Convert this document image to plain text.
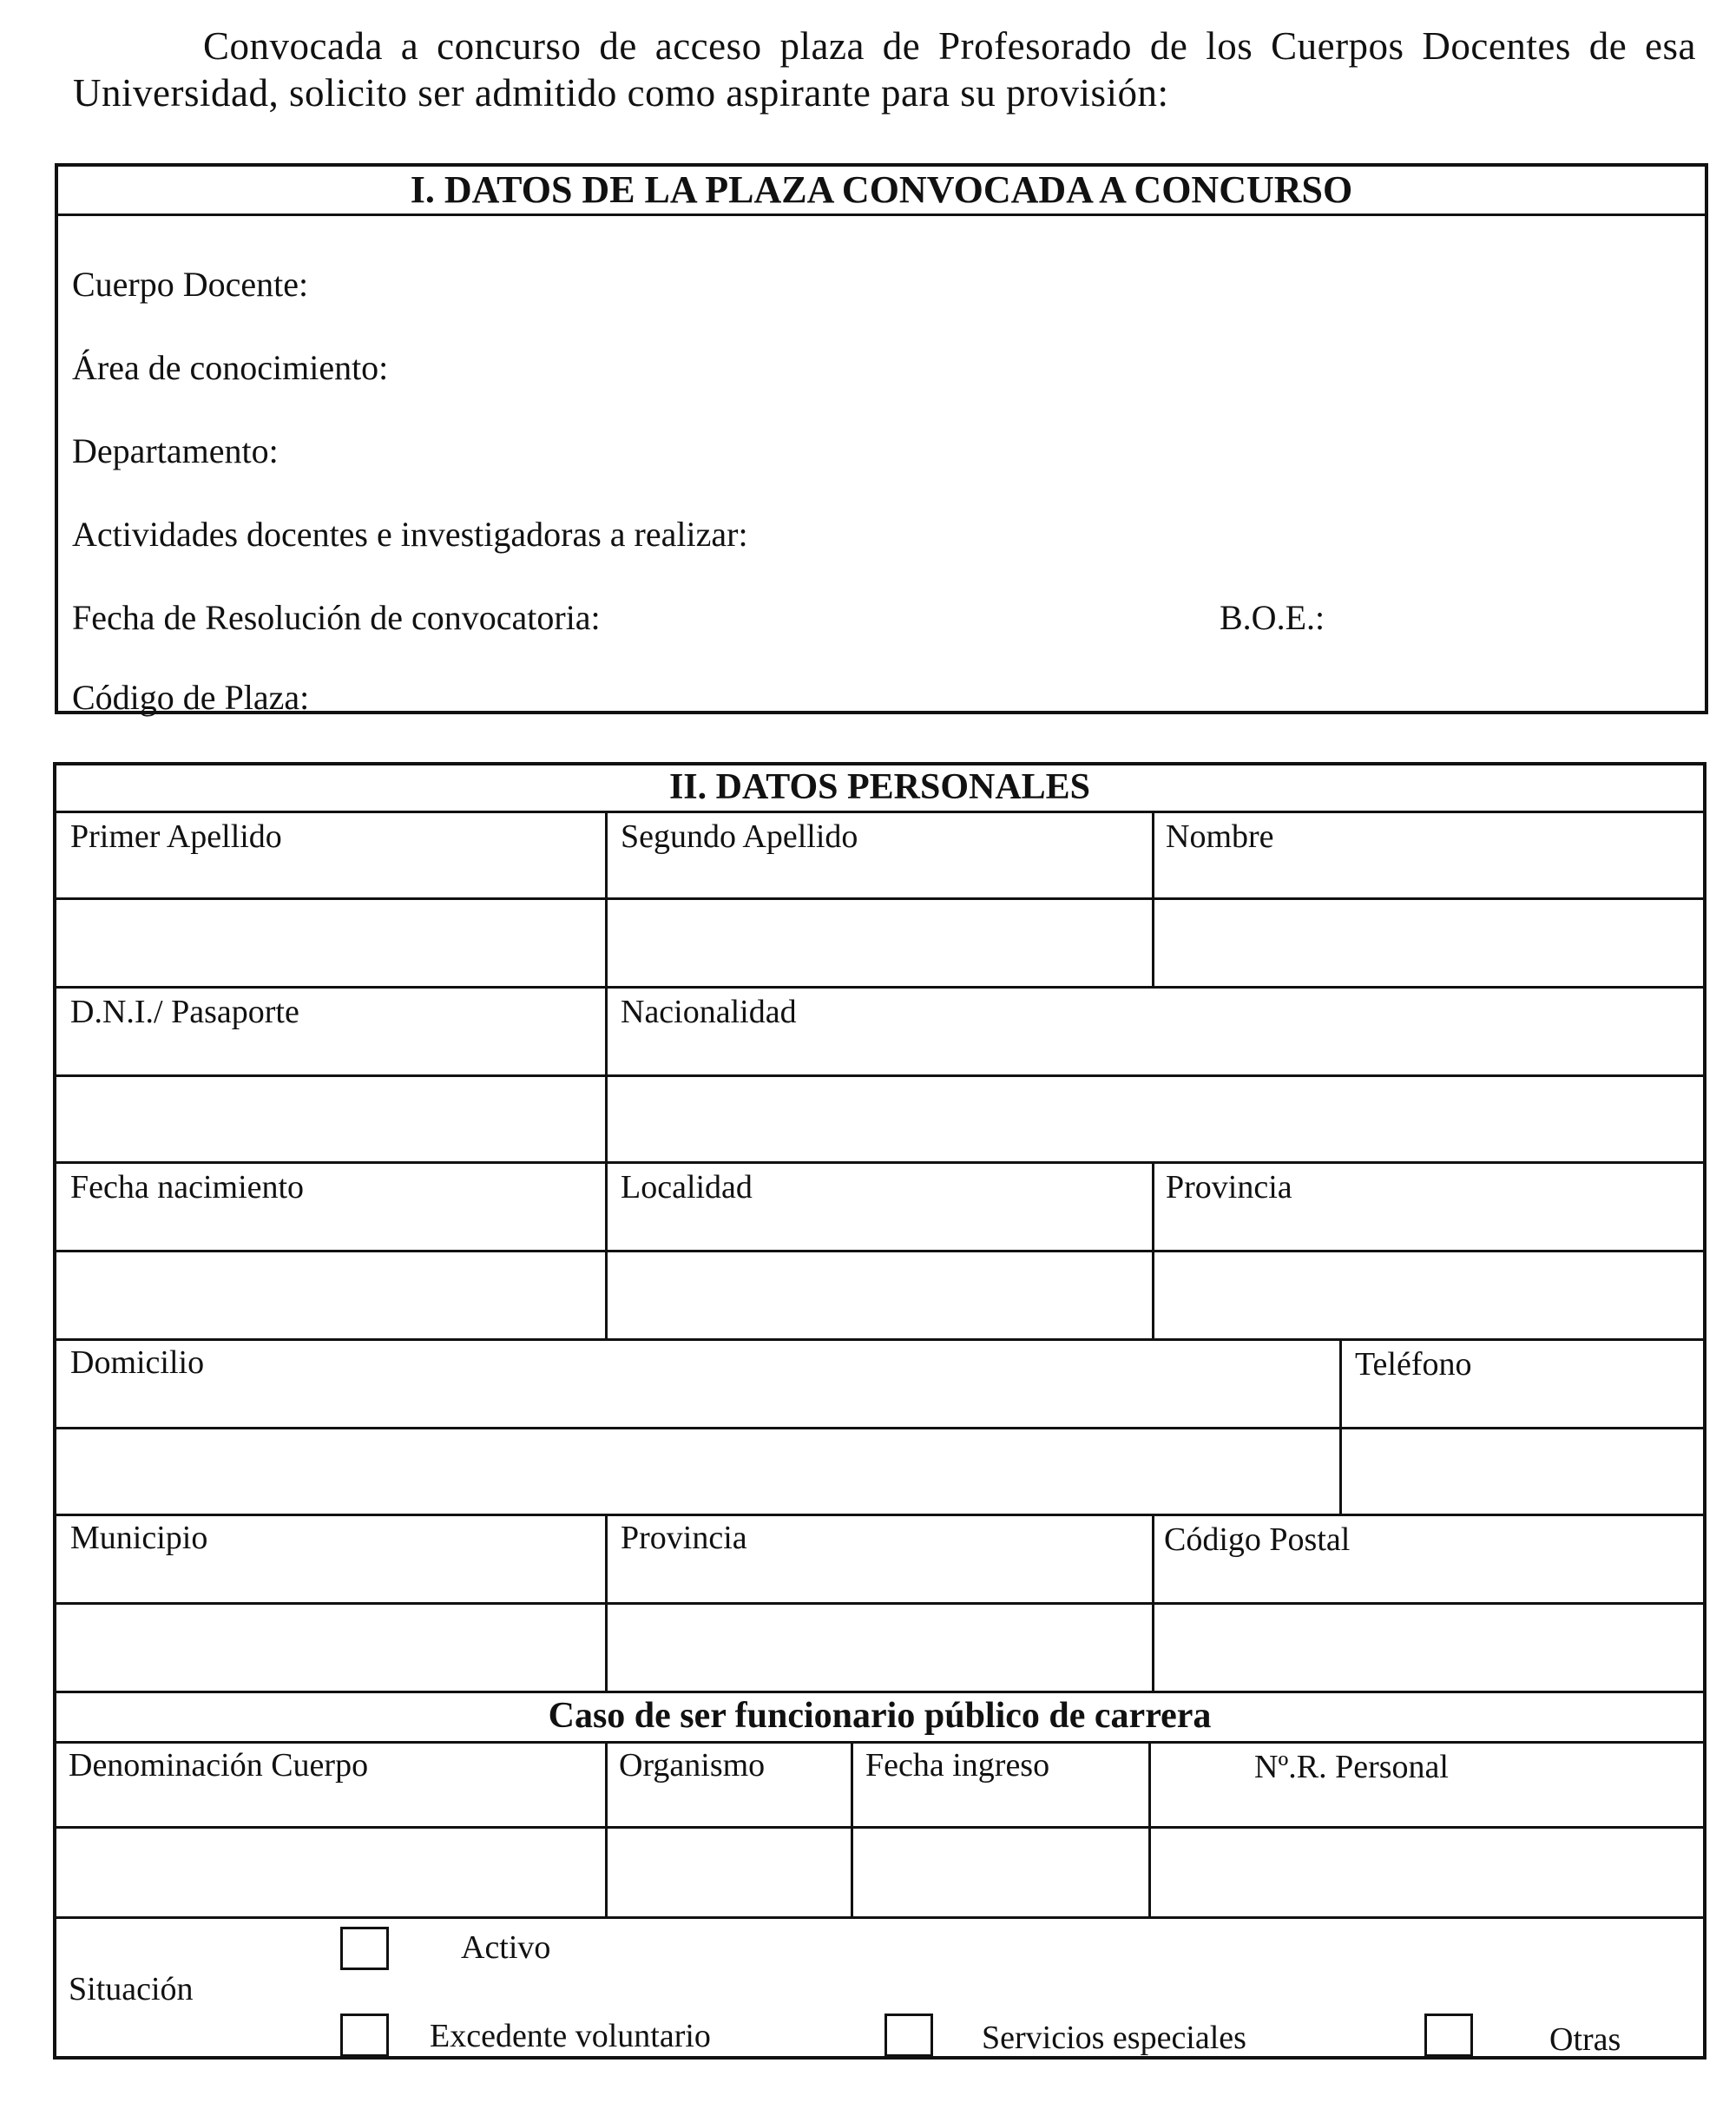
Convocada a concurso de acceso plaza de Profesorado de los Cuerpos Docentes de esa Universidad, solicito ser admitido como aspirante para su provisión:
I. DATOS DE LA PLAZA CONVOCADA A CONCURSO
Cuerpo Docente:
Área de conocimiento:
Departamento:
Actividades docentes e investigadoras a realizar:
Fecha de Resolución de convocatoria:	B.O.E.:
Código de Plaza:
II. DATOS PERSONALES
Primer Apellido	Segundo Apellido	Nombre
D.N.I./ Pasaporte	Nacionalidad
Fecha nacimiento	Localidad	Provincia
Domicilio	Teléfono
Municipio	Provincia	Código Postal
Caso de ser funcionario público de carrera
Denominación Cuerpo	Organismo	Fecha ingreso	Nº.R. Personal
Situación
Activo
Excedente voluntario	Servicios especiales	Otras
